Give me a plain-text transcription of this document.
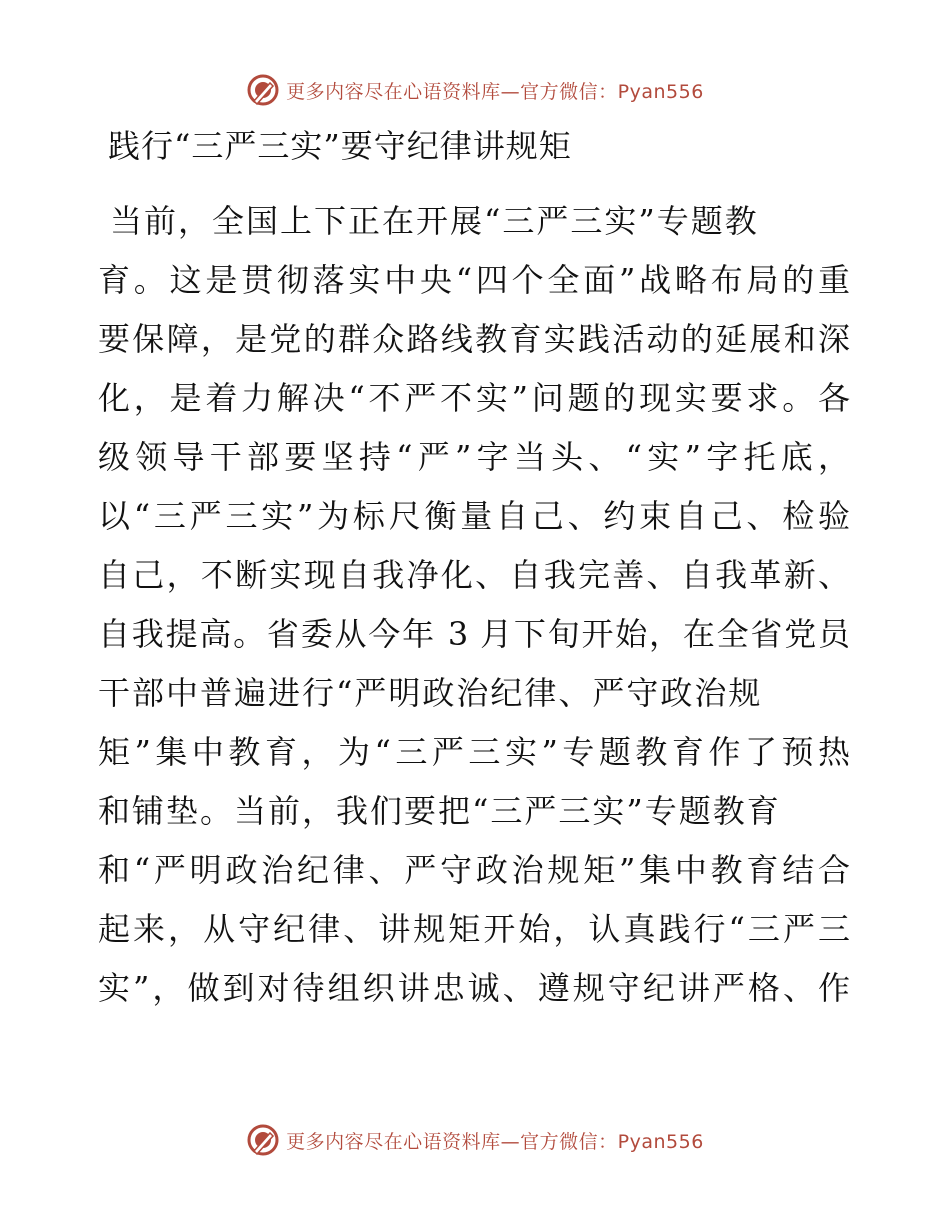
更多内容尽在心语资料库—官方微信：Pyan556
践行“三严三实”要守纪律讲规矩
当前，全国上下正在开展“三严三实”专题教
育。这是贯彻落实中央“四个全面”战略布局的重
要保障，是党的群众路线教育实践活动的延展和深
化，是着力解决“不严不实”问题的现实要求。各
级领导干部要坚持“严”字当头、“实”字托底，
以“三严三实”为标尺衡量自己、约束自己、检验
自己，不断实现自我净化、自我完善、自我革新、
自我提高。省委从今年 3 月下旬开始，在全省党员
干部中普遍进行“严明政治纪律、严守政治规
矩”集中教育，为“三严三实”专题教育作了预热
和铺垫。当前，我们要把“三严三实”专题教育
和“严明政治纪律、严守政治规矩”集中教育结合
起来，从守纪律、讲规矩开始，认真践行“三严三
实”，做到对待组织讲忠诚、遵规守纪讲严格、作
更多内容尽在心语资料库—官方微信：Pyan556
